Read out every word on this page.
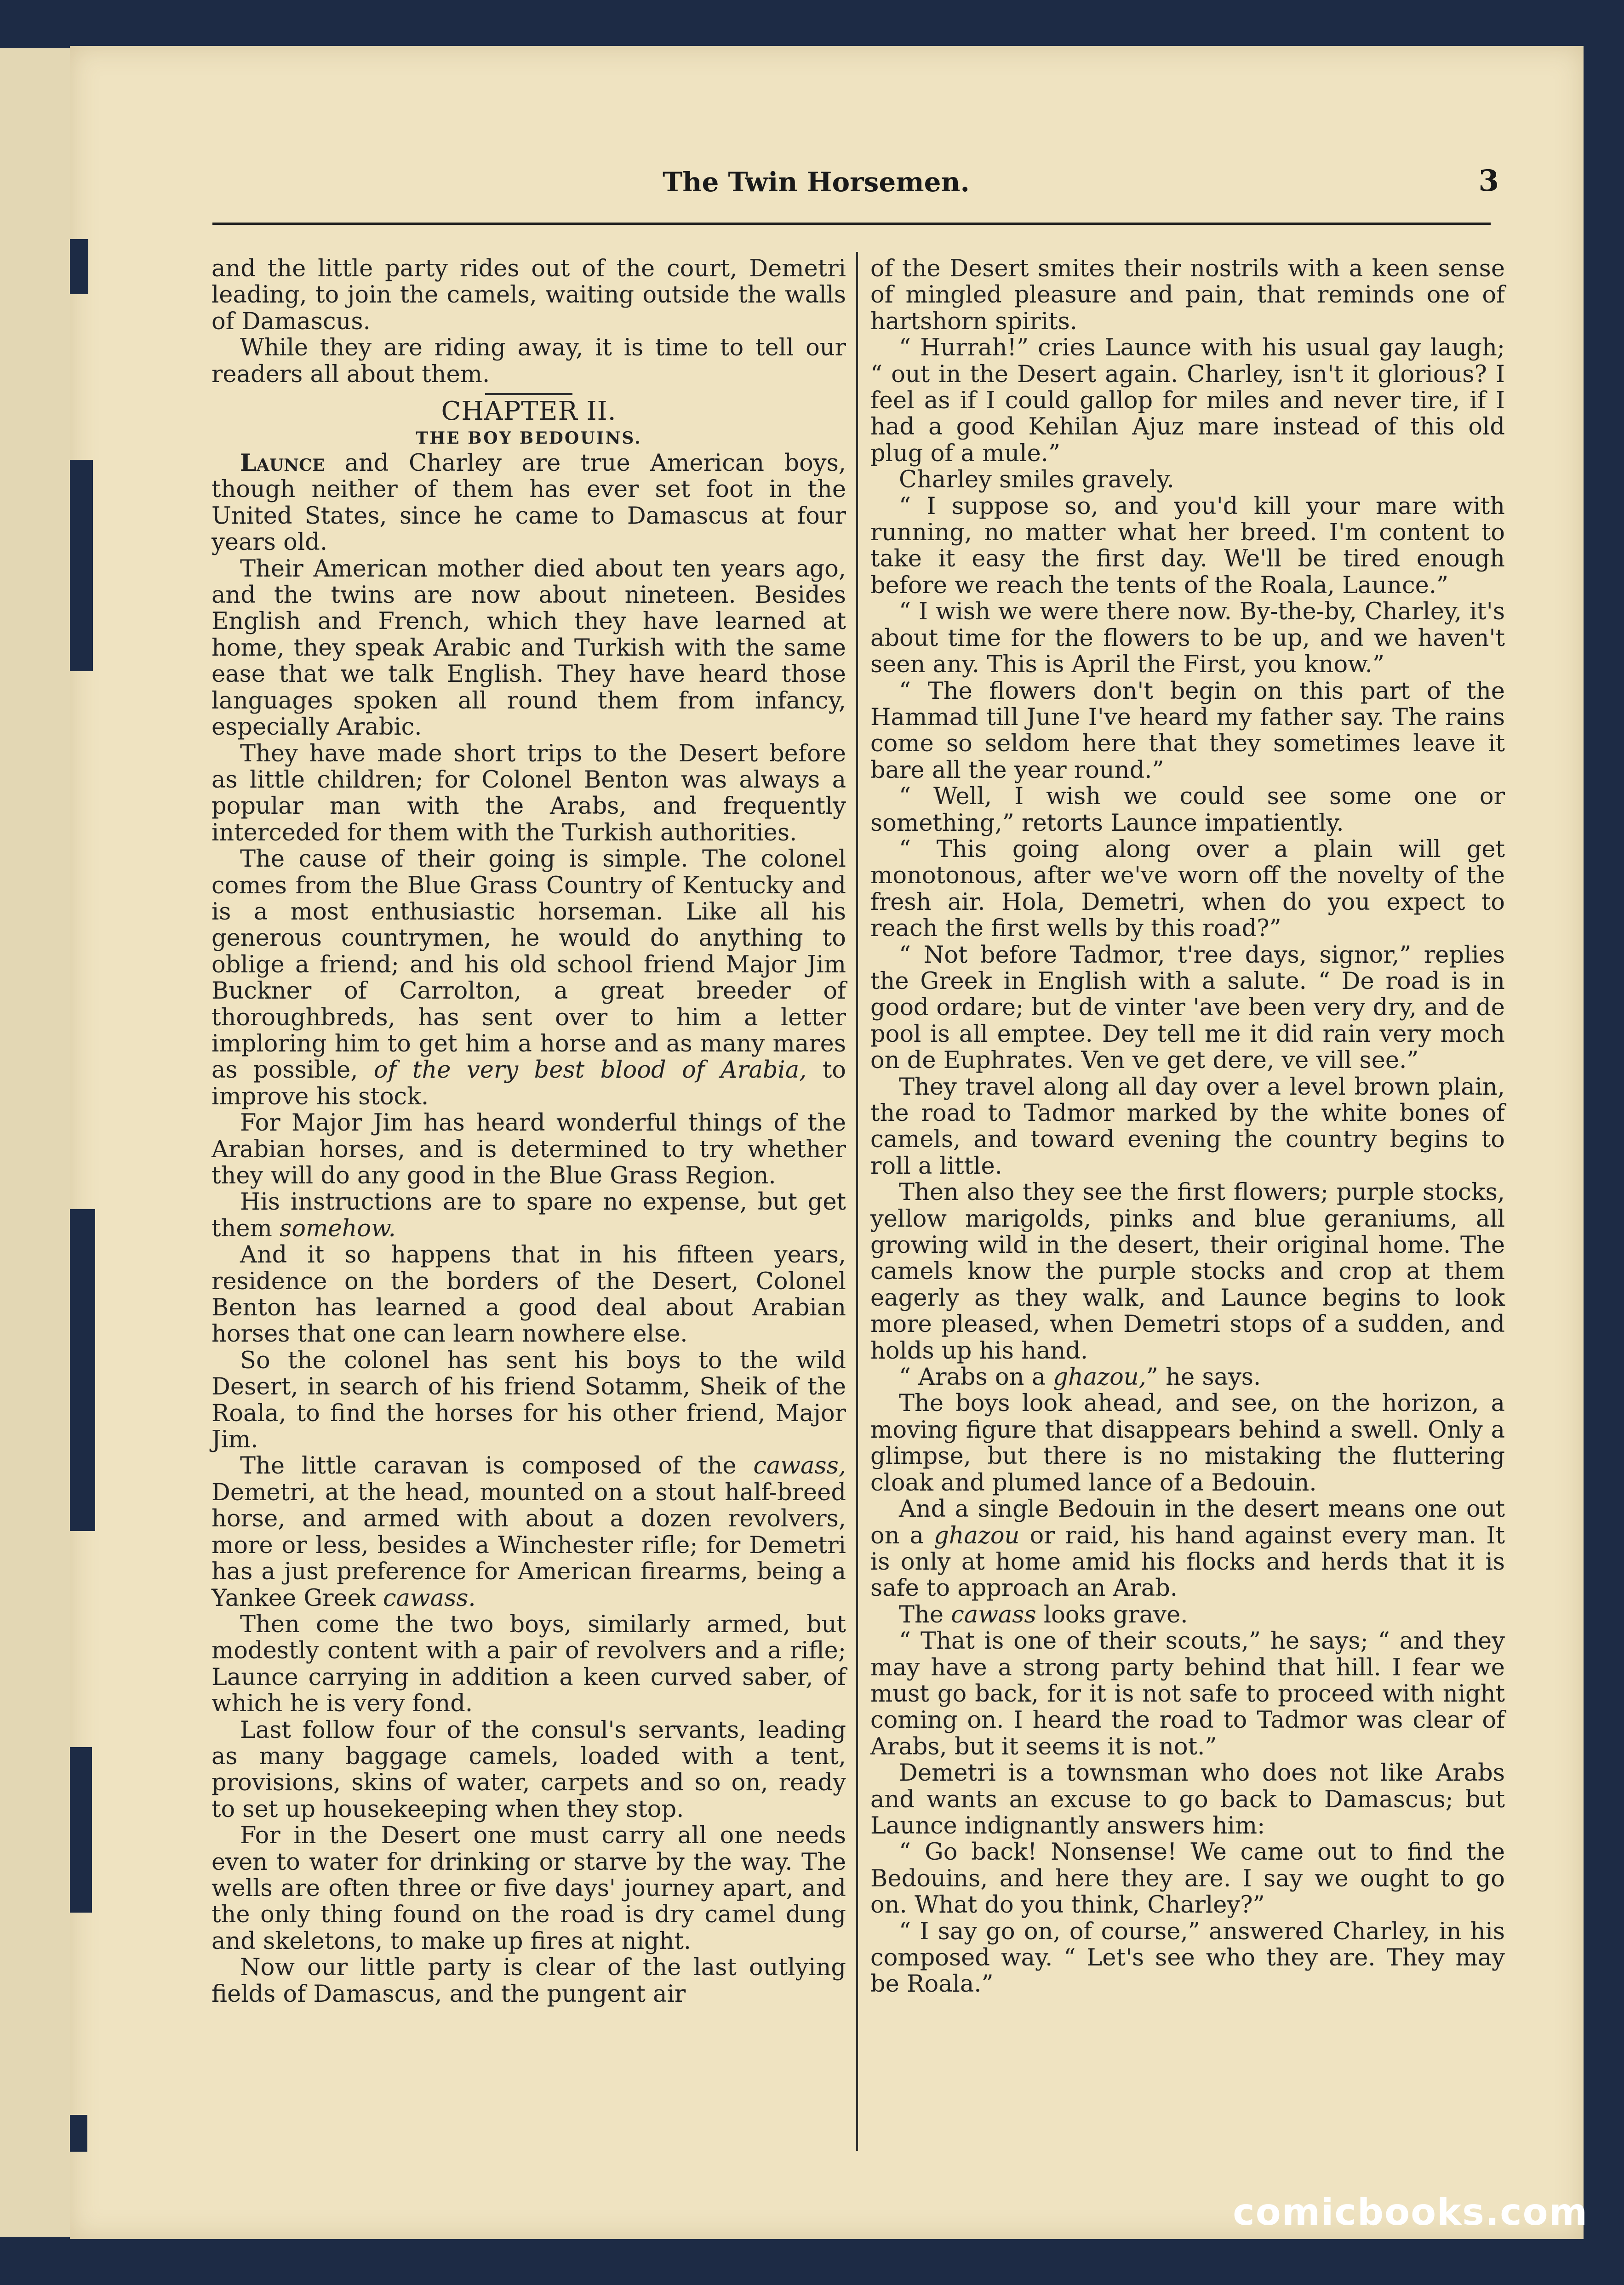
The Twin Horsemen.	3

and the little party rides out of the court, Demetri leading, to join the camels, waiting outside the walls of Damascus.

While they are riding away, it is time to tell our readers all about them.

CHAPTER II.
THE BOY BEDOUINS.

Launce and Charley are true American boys, though neither of them has ever set foot in the United States, since he came to Damascus at four years old.

Their American mother died about ten years ago, and the twins are now about nineteen. Besides English and French, which they have learned at home, they speak Arabic and Turkish with the same ease that we talk English. They have heard those languages spoken all round them from infancy, especially Arabic.

They have made short trips to the Desert before as little children; for Colonel Benton was always a popular man with the Arabs, and frequently interceded for them with the Turkish authorities.

The cause of their going is simple. The colonel comes from the Blue Grass Country of Kentucky and is a most enthusiastic horseman. Like all his generous countrymen, he would do anything to oblige a friend; and his old school friend Major Jim Buckner of Carrolton, a great breeder of thoroughbreds, has sent over to him a letter imploring him to get him a horse and as many mares as possible, of the very best blood of Arabia, to improve his stock.

For Major Jim has heard wonderful things of the Arabian horses, and is determined to try whether they will do any good in the Blue Grass Region.

His instructions are to spare no expense, but get them somehow.

And it so happens that in his fifteen years, residence on the borders of the Desert, Colonel Benton has learned a good deal about Arabian horses that one can learn nowhere else.

So the colonel has sent his boys to the wild Desert, in search of his friend Sotamm, Sheik of the Roala, to find the horses for his other friend, Major Jim.

The little caravan is composed of the cawass, Demetri, at the head, mounted on a stout half-breed horse, and armed with about a dozen revolvers, more or less, besides a Winchester rifle; for Demetri has a just preference for American firearms, being a Yankee Greek cawass.

Then come the two boys, similarly armed, but modestly content with a pair of revolvers and a rifle; Launce carrying in addition a keen curved saber, of which he is very fond.

Last follow four of the consul's servants, leading as many baggage camels, loaded with a tent, provisions, skins of water, carpets and so on, ready to set up housekeeping when they stop.

For in the Desert one must carry all one needs even to water for drinking or starve by the way. The wells are often three or five days' journey apart, and the only thing found on the road is dry camel dung and skeletons, to make up fires at night.

Now our little party is clear of the last outlying fields of Damascus, and the pungent air

of the Desert smites their nostrils with a keen sense of mingled pleasure and pain, that reminds one of hartshorn spirits.

“ Hurrah!” cries Launce with his usual gay laugh; “ out in the Desert again. Charley, isn't it glorious? I feel as if I could gallop for miles and never tire, if I had a good Kehilan Ajuz mare instead of this old plug of a mule.”

Charley smiles gravely.

“ I suppose so, and you'd kill your mare with running, no matter what her breed. I'm content to take it easy the first day. We'll be tired enough before we reach the tents of the Roala, Launce.”

“ I wish we were there now. By-the-by, Charley, it's about time for the flowers to be up, and we haven't seen any. This is April the First, you know.”

“ The flowers don't begin on this part of the Hammad till June I've heard my father say. The rains come so seldom here that they sometimes leave it bare all the year round.”

“ Well, I wish we could see some one or something,” retorts Launce impatiently.

“ This going along over a plain will get monotonous, after we've worn off the novelty of the fresh air. Hola, Demetri, when do you expect to reach the first wells by this road?”

“ Not before Tadmor, t'ree days, signor,” replies the Greek in English with a salute. “ De road is in good ordare; but de vinter 'ave been very dry, and de pool is all emptee. Dey tell me it did rain very moch on de Euphrates. Ven ve get dere, ve vill see.”

They travel along all day over a level brown plain, the road to Tadmor marked by the white bones of camels, and toward evening the country begins to roll a little.

Then also they see the first flowers; purple stocks, yellow marigolds, pinks and blue geraniums, all growing wild in the desert, their original home. The camels know the purple stocks and crop at them eagerly as they walk, and Launce begins to look more pleased, when Demetri stops of a sudden, and holds up his hand.

“ Arabs on a ghazou,” he says.

The boys look ahead, and see, on the horizon, a moving figure that disappears behind a swell. Only a glimpse, but there is no mistaking the fluttering cloak and plumed lance of a Bedouin.

And a single Bedouin in the desert means one out on a ghazou or raid, his hand against every man. It is only at home amid his flocks and herds that it is safe to approach an Arab.

The cawass looks grave.

“ That is one of their scouts,” he says; “ and they may have a strong party behind that hill. I fear we must go back, for it is not safe to proceed with night coming on. I heard the road to Tadmor was clear of Arabs, but it seems it is not.”

Demetri is a townsman who does not like Arabs and wants an excuse to go back to Damascus; but Launce indignantly answers him:

“ Go back! Nonsense! We came out to find the Bedouins, and here they are. I say we ought to go on. What do you think, Charley?”

“ I say go on, of course,” answered Charley, in his composed way. “ Let's see who they are. They may be Roala.”

comicbooks.com
